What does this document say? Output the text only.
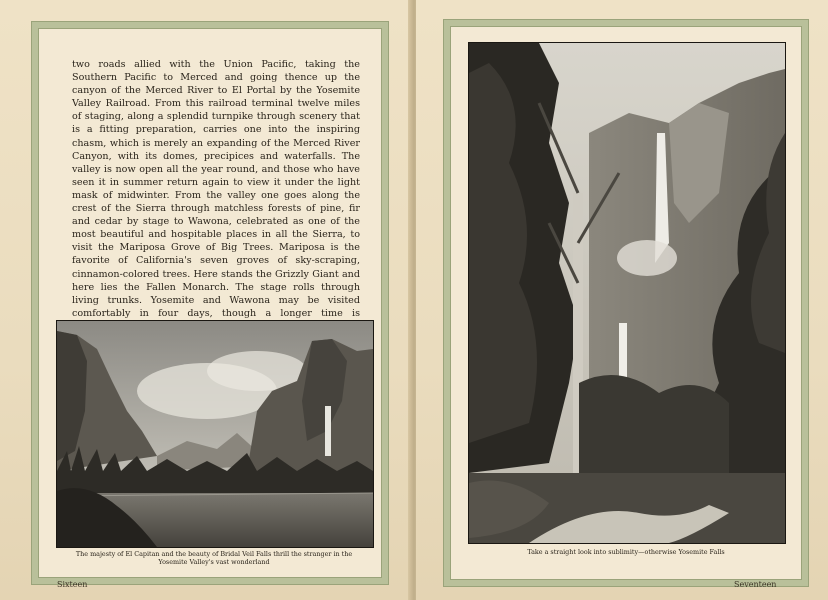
two roads allied with the Union Pacific, taking the Southern Pacific to Merced and going thence up the canyon of the Merced River to El Portal by the Yosemite Valley Railroad. From this railroad terminal twelve miles of staging, along a splendid turnpike through scenery that is a fitting preparation, carries one into the inspiring chasm, which is merely an expanding of the Merced River Canyon, with its domes, precipices and waterfalls. The valley is now open all the year round, and those who have seen it in summer return again to view it under the light mask of midwinter. From the valley one goes along the crest of the Sierra through matchless forests of pine, fir and cedar by stage to Wawona, celebrated as one of the most beautiful and hospitable places in all the Sierra, to visit the Mariposa Grove of Big Trees. Mariposa is the favorite of California's seven groves of sky-scraping, cinnamon-colored trees. Here stands the Grizzly Giant and here lies the Fallen Monarch. The stage rolls through living trunks. Yosemite and Wawona may be visited comfortably in four days, though a longer time is
The majesty of El Capitan and the beauty of Bridal Veil Falls thrill the stranger in the
Yosemite Valley's vast wonderland
Sixteen
Take a straight look into sublimity—otherwise Yosemite Falls
Seventeen
